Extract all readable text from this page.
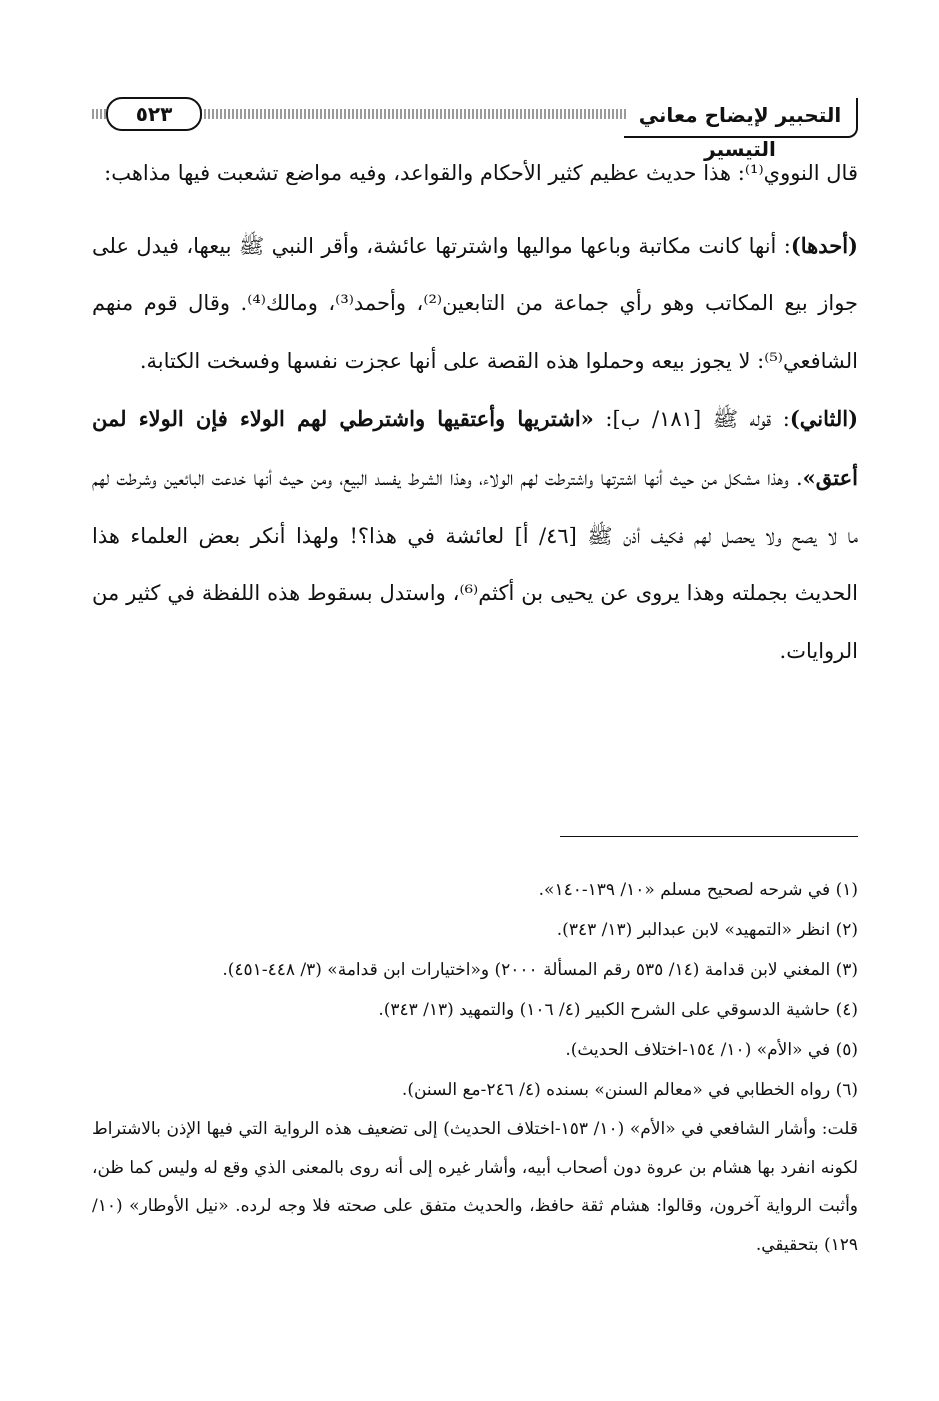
٥٢٣	التحبير لإيضاح معاني التيسير

قال النووي⁽¹⁾: هذا حديث عظيم كثير الأحكام والقواعد، وفيه مواضع تشعبت فيها مذاهب:

(أحدها): أنها كانت مكاتبة وباعها مواليها واشترتها عائشة، وأقر النبي ﷺ بيعها، فيدل على جواز بيع المكاتب وهو رأي جماعة من التابعين⁽²⁾، وأحمد⁽³⁾، ومالك⁽⁴⁾. وقال قوم منهم الشافعي⁽⁵⁾: لا يجوز بيعه وحملوا هذه القصة على أنها عجزت نفسها وفسخت الكتابة.

(الثاني): قوله ﷺ [١٨١/ ب]: «اشتريها وأعتقيها واشترطي لهم الولاء فإن الولاء لمن أعتق». وهذا مشكل من حيث أنها اشترتها واشترطت لهم الولاء، وهذا الشرط يفسد البيع، ومن حيث أنها خدعت البائعين وشرطت لهم ما لا يصح ولا يحصل لهم فكيف أذن ﷺ [٤٦/ أ] لعائشة في هذا؟! ولهذا أنكر بعض العلماء هذا الحديث بجملته وهذا يروى عن يحيى بن أكثم⁽⁶⁾، واستدل بسقوط هذه اللفظة في كثير من الروايات.

(١) في شرحه لصحيح مسلم «١٠/ ١٣٩-١٤٠».

(٢) انظر «التمهيد» لابن عبدالبر (١٣/ ٣٤٣).

(٣) المغني لابن قدامة (١٤/ ٥٣٥ رقم المسألة ٢٠٠٠) و«اختيارات ابن قدامة» (٣/ ٤٤٨-٤٥١).

(٤) حاشية الدسوقي على الشرح الكبير (٤/ ١٠٦) والتمهيد (١٣/ ٣٤٣).

(٥) في «الأم» (١٠/ ١٥٤-اختلاف الحديث).

(٦) رواه الخطابي في «معالم السنن» بسنده (٤/ ٢٤٦-مع السنن).

قلت: وأشار الشافعي في «الأم» (١٠/ ١٥٣-اختلاف الحديث) إلى تضعيف هذه الرواية التي فيها الإذن بالاشتراط لكونه انفرد بها هشام بن عروة دون أصحاب أبيه، وأشار غيره إلى أنه روى بالمعنى الذي وقع له وليس كما ظن، وأثبت الرواية آخرون، وقالوا: هشام ثقة حافظ، والحديث متفق على صحته فلا وجه لرده. «نيل الأوطار» (١٠/ ١٢٩) بتحقيقي.
